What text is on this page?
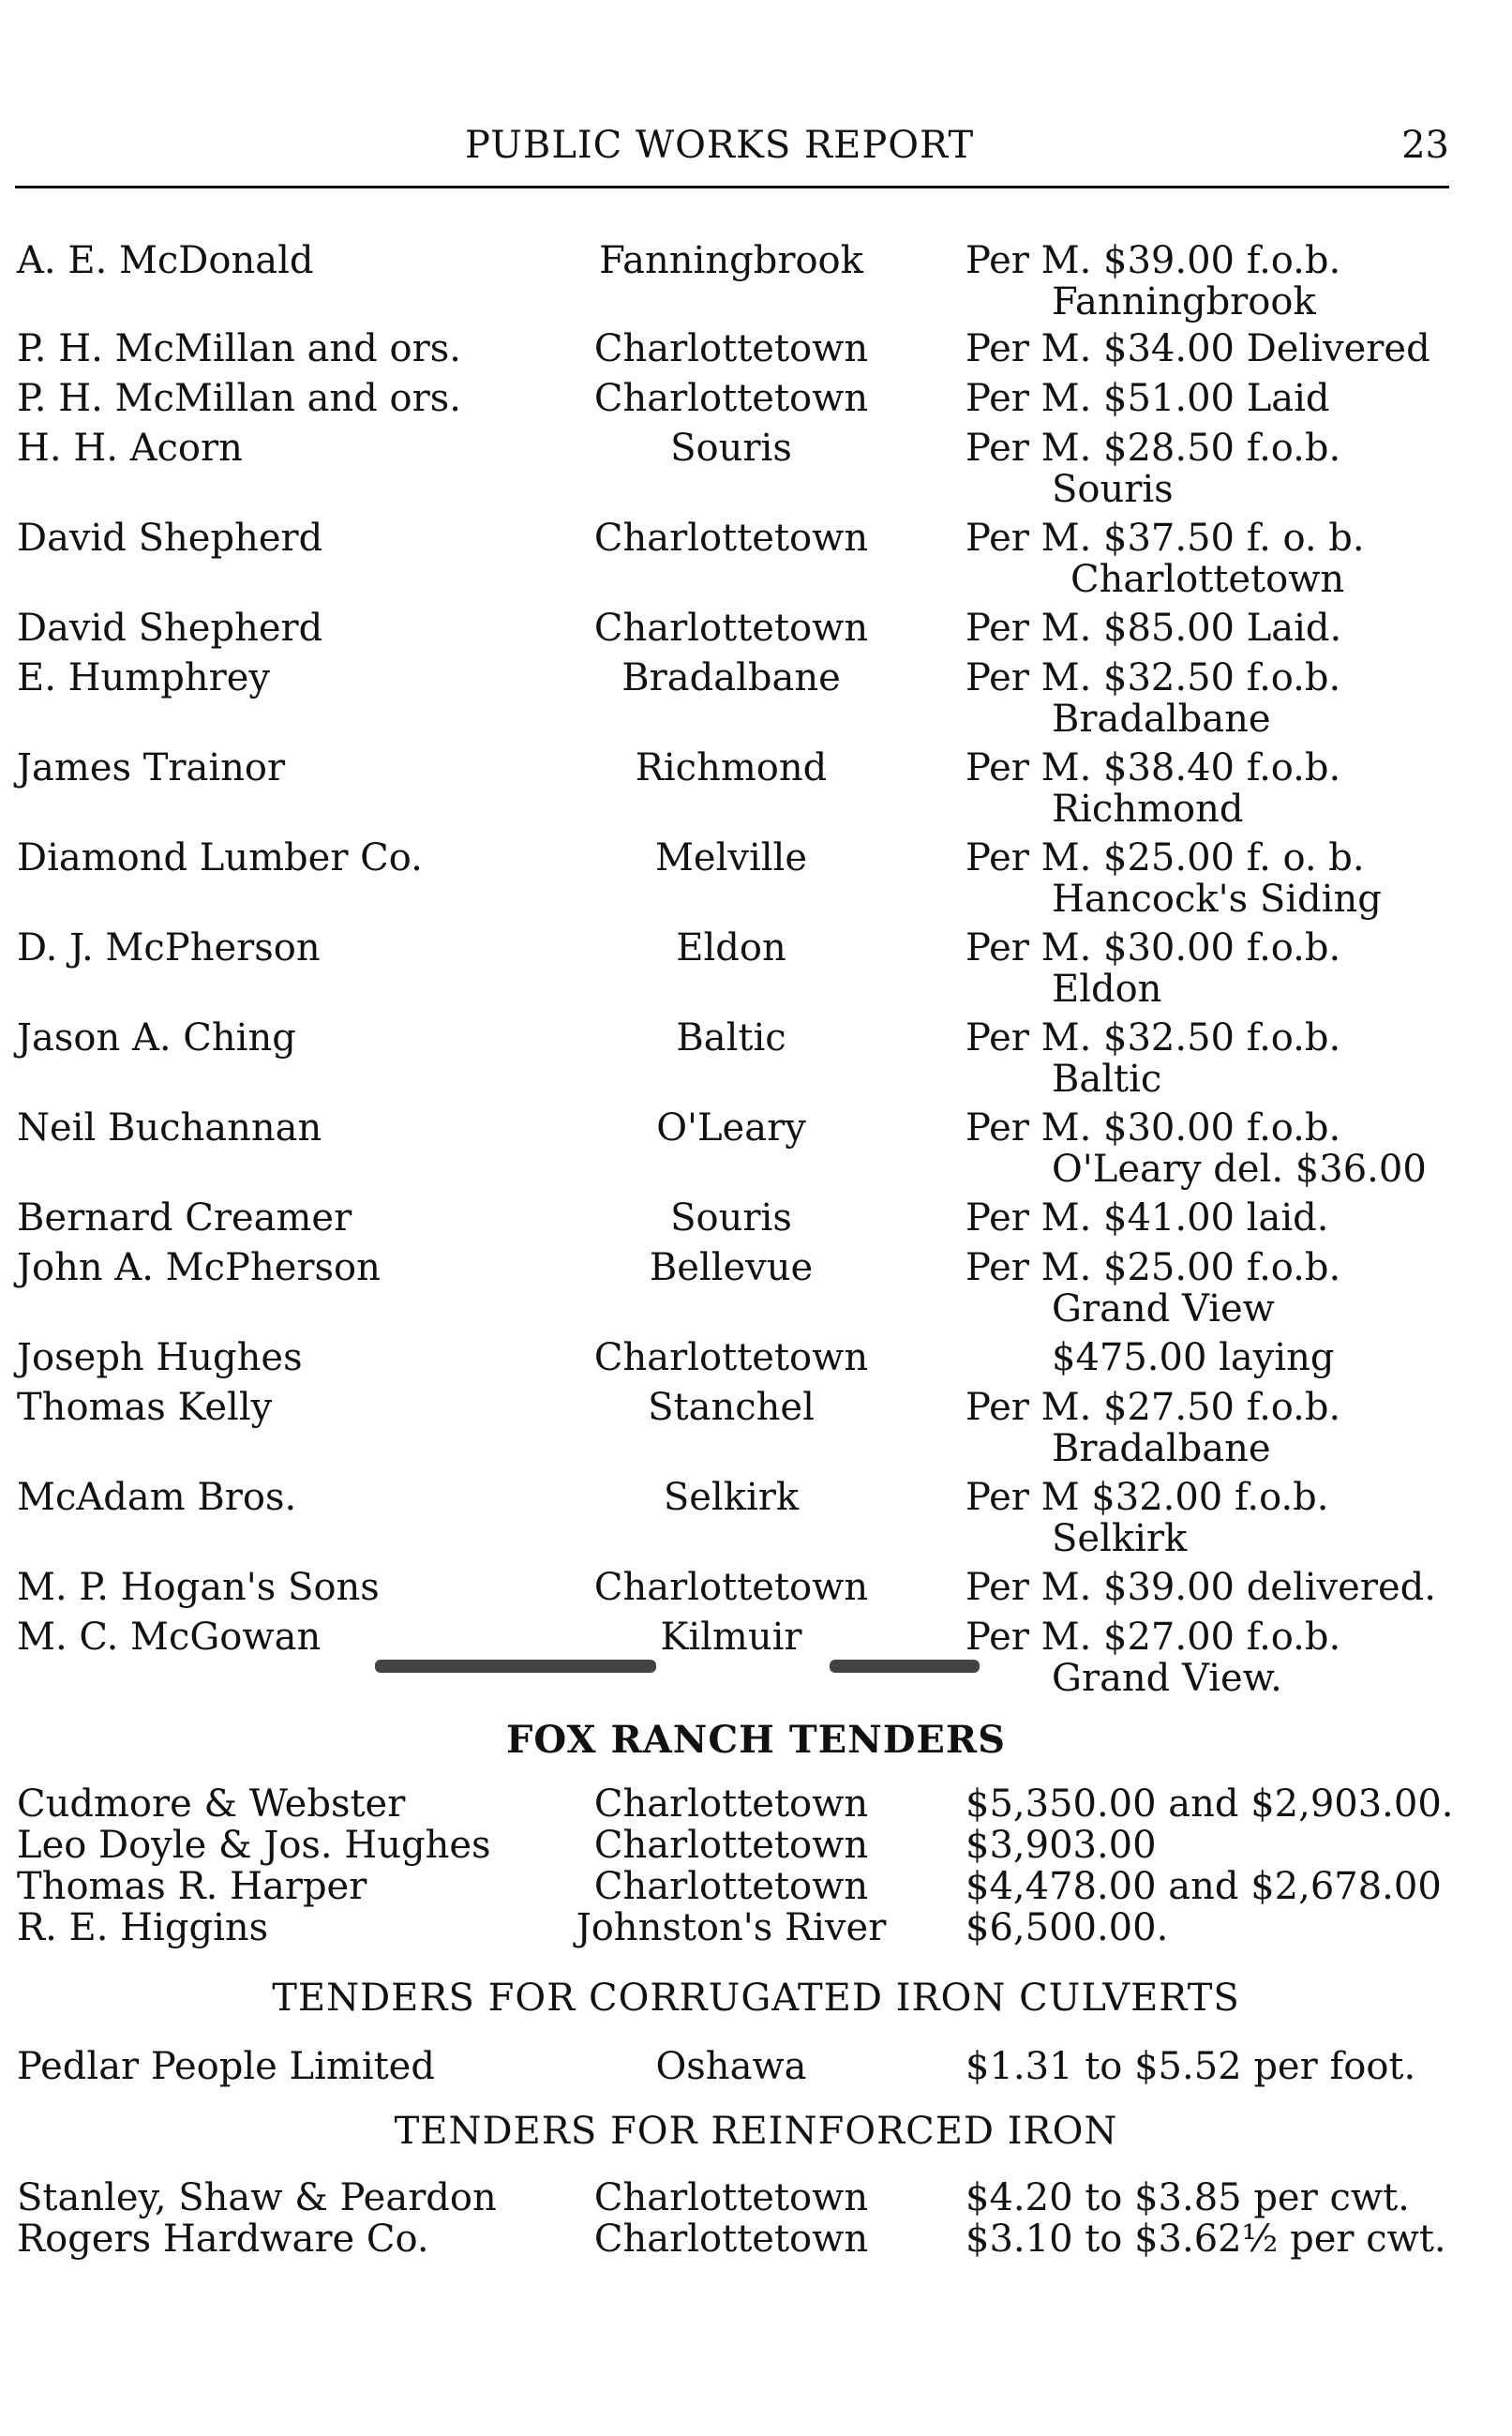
PUBLIC WORKS REPORT	23
A. E. McDonald	Fanningbrook	Per M. $39.00 f.o.b.
Fanningbrook
P. H. McMillan and ors.	Charlottetown	Per M. $34.00 Delivered
P. H. McMillan and ors.	Charlottetown	Per M. $51.00 Laid
H. H. Acorn	Souris	Per M. $28.50 f.o.b.
Souris
David Shepherd	Charlottetown	Per M. $37.50 f. o. b.
Charlottetown
David Shepherd	Charlottetown	Per M. $85.00 Laid.
E. Humphrey	Bradalbane	Per M. $32.50 f.o.b.
Bradalbane
James Trainor	Richmond	Per M. $38.40 f.o.b.
Richmond
Diamond Lumber Co.	Melville	Per M. $25.00 f. o. b.
Hancock's Siding
D. J. McPherson	Eldon	Per M. $30.00 f.o.b.
Eldon
Jason A. Ching	Baltic	Per M. $32.50 f.o.b.
Baltic
Neil Buchannan	O'Leary	Per M. $30.00 f.o.b.
O'Leary del. $36.00
Bernard Creamer	Souris	Per M. $41.00 laid.
John A. McPherson	Bellevue	Per M. $25.00 f.o.b.
Grand View
Joseph Hughes	Charlottetown	$475.00 laying
Thomas Kelly	Stanchel	Per M. $27.50 f.o.b.
Bradalbane
McAdam Bros.	Selkirk	Per M $32.00 f.o.b.
Selkirk
M. P. Hogan's Sons	Charlottetown	Per M. $39.00 delivered.
M. C. McGowan	Kilmuir	Per M. $27.00 f.o.b.
Grand View.
FOX RANCH TENDERS
Cudmore & Webster	Charlottetown	$5,350.00 and $2,903.00.
Leo Doyle & Jos. Hughes	Charlottetown	$3,903.00
Thomas R. Harper	Charlottetown	$4,478.00 and $2,678.00
R. E. Higgins	Johnston's River	$6,500.00.
TENDERS FOR CORRUGATED IRON CULVERTS
Pedlar People Limited	Oshawa	$1.31 to $5.52 per foot.
TENDERS FOR REINFORCED IRON
Stanley, Shaw & Peardon	Charlottetown	$4.20 to $3.85 per cwt.
Rogers Hardware Co.	Charlottetown	$3.10 to $3.62½ per cwt.
